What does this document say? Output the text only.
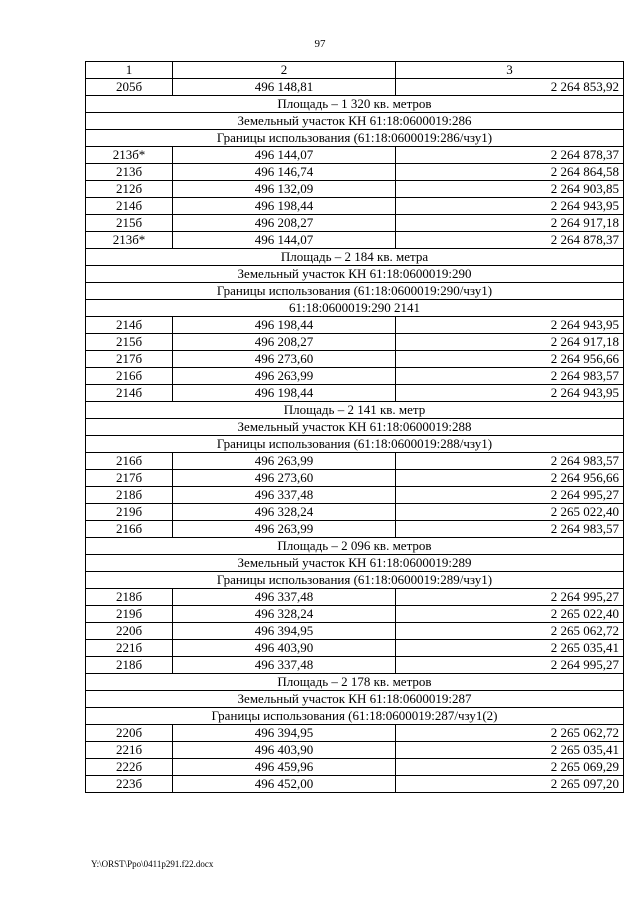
97
1	2	3
205б	496 148,81	2 264 853,92
Площадь – 1 320 кв. метров		
Земельный участок КН 61:18:0600019:286		
Границы использования (61:18:0600019:286/чзу1)		
213б*	496 144,07	2 264 878,37
213б	496 146,74	2 264 864,58
212б	496 132,09	2 264 903,85
214б	496 198,44	2 264 943,95
215б	496 208,27	2 264 917,18
213б*	496 144,07	2 264 878,37
Площадь – 2 184 кв. метра		
Земельный участок КН 61:18:0600019:290		
Границы использования (61:18:0600019:290/чзу1)		
61:18:0600019:290 2141		
214б	496 198,44	2 264 943,95
215б	496 208,27	2 264 917,18
217б	496 273,60	2 264 956,66
216б	496 263,99	2 264 983,57
214б	496 198,44	2 264 943,95
Площадь – 2 141 кв. метр		
Земельный участок КН 61:18:0600019:288		
Границы использования (61:18:0600019:288/чзу1)		
216б	496 263,99	2 264 983,57
217б	496 273,60	2 264 956,66
218б	496 337,48	2 264 995,27
219б	496 328,24	2 265 022,40
216б	496 263,99	2 264 983,57
Площадь – 2 096 кв. метров		
Земельный участок КН 61:18:0600019:289		
Границы использования (61:18:0600019:289/чзу1)		
218б	496 337,48	2 264 995,27
219б	496 328,24	2 265 022,40
220б	496 394,95	2 265 062,72
221б	496 403,90	2 265 035,41
218б	496 337,48	2 264 995,27
Площадь – 2 178 кв. метров		
Земельный участок КН 61:18:0600019:287		
Границы использования (61:18:0600019:287/чзу1(2)		
220б	496 394,95	2 265 062,72
221б	496 403,90	2 265 035,41
222б	496 459,96	2 265 069,29
223б	496 452,00	2 265 097,20
Y:\ORST\Ppo\0411p291.f22.docx
